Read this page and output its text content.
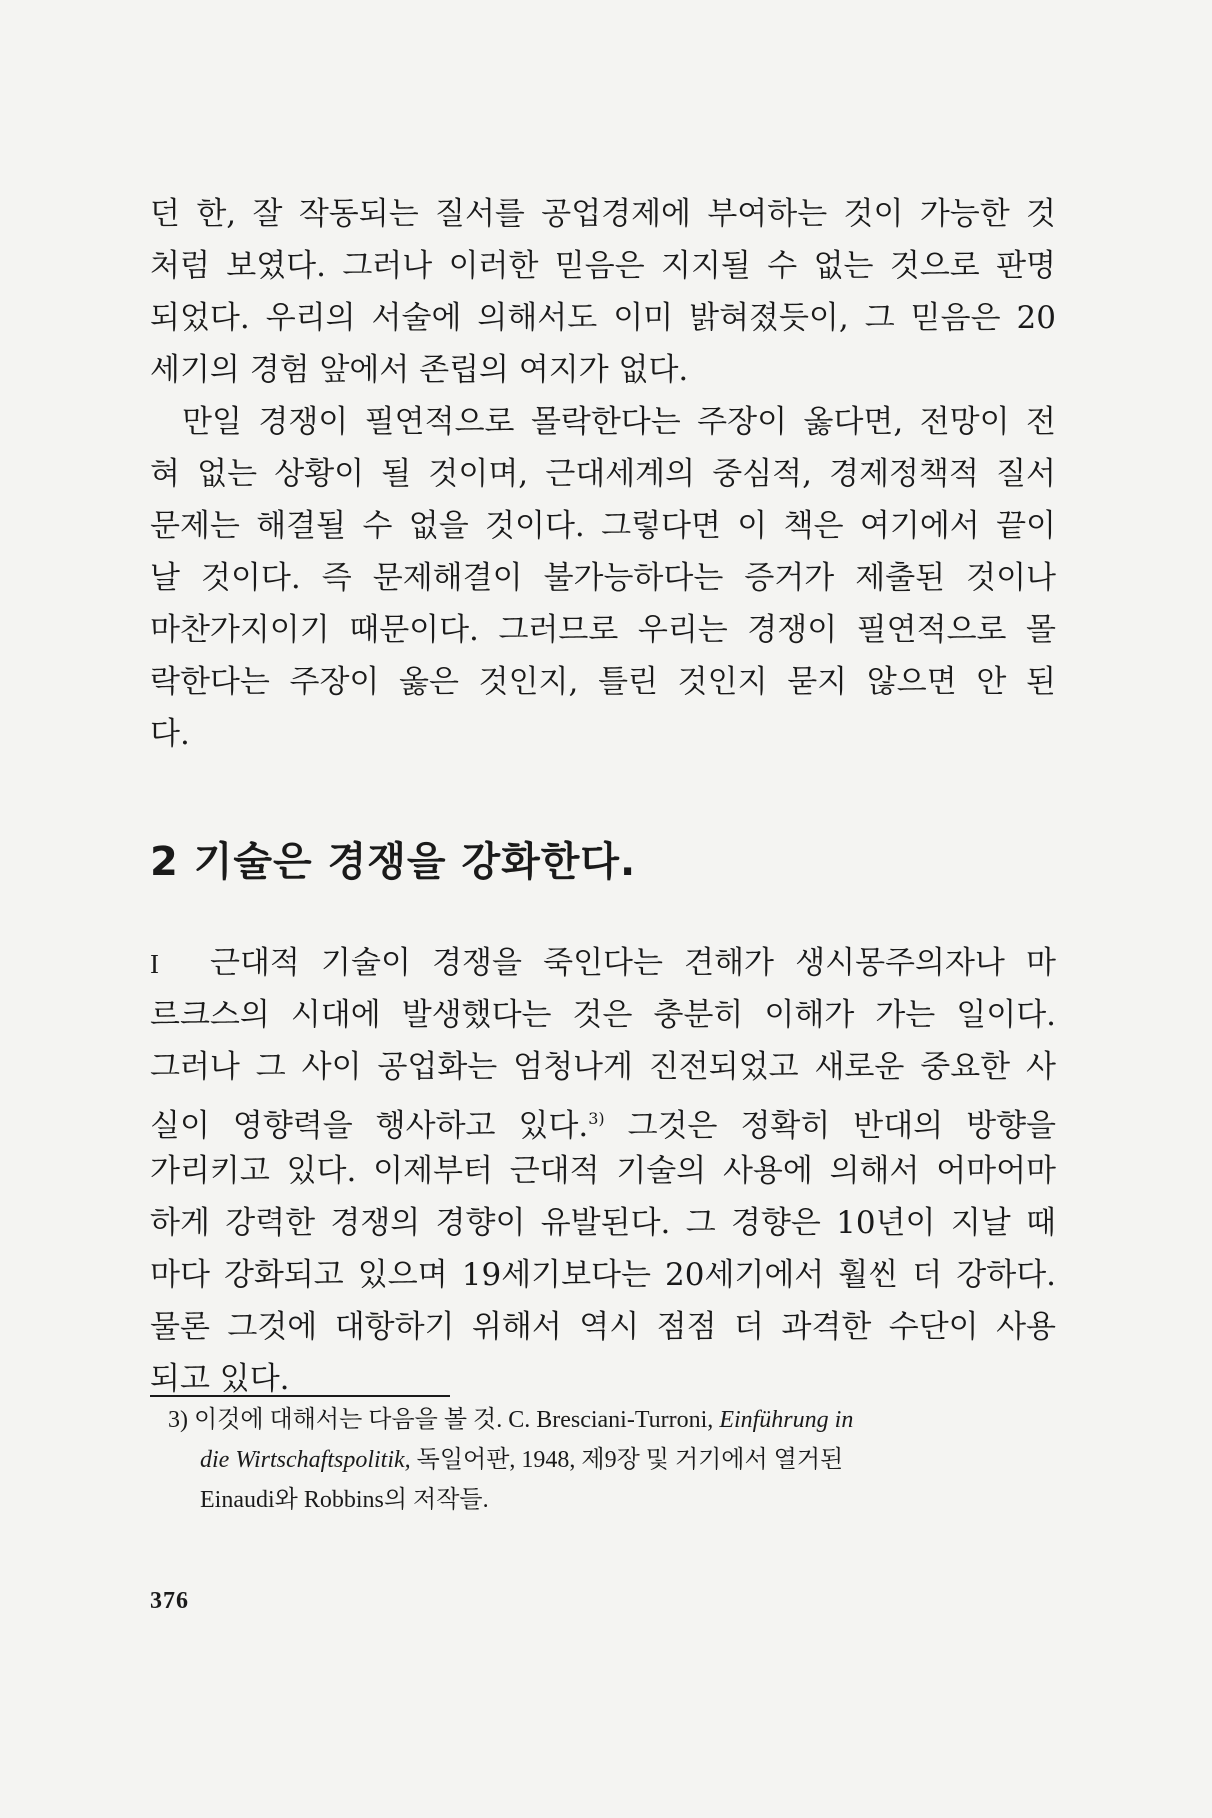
던 한, 잘 작동되는 질서를 공업경제에 부여하는 것이 가능한 것
처럼 보였다. 그러나 이러한 믿음은 지지될 수 없는 것으로 판명
되었다. 우리의 서술에 의해서도 이미 밝혀졌듯이, 그 믿음은 20
세기의 경험 앞에서 존립의 여지가 없다.
만일 경쟁이 필연적으로 몰락한다는 주장이 옳다면, 전망이 전
혀 없는 상황이 될 것이며, 근대세계의 중심적, 경제정책적 질서
문제는 해결될 수 없을 것이다. 그렇다면 이 책은 여기에서 끝이
날 것이다. 즉 문제해결이 불가능하다는 증거가 제출된 것이나
마찬가지이기 때문이다. 그러므로 우리는 경쟁이 필연적으로 몰
락한다는 주장이 옳은 것인지, 틀린 것인지 묻지 않으면 안 된
다.
2 기술은 경쟁을 강화한다.
I 근대적 기술이 경쟁을 죽인다는 견해가 생시몽주의자나 마
르크스의 시대에 발생했다는 것은 충분히 이해가 가는 일이다.
그러나 그 사이 공업화는 엄청나게 진전되었고 새로운 중요한 사
실이 영향력을 행사하고 있다.$^{3)}$ 그것은 정확히 반대의 방향을
가리키고 있다. 이제부터 근대적 기술의 사용에 의해서 어마어마
하게 강력한 경쟁의 경향이 유발된다. 그 경향은 10년이 지날 때
마다 강화되고 있으며 19세기보다는 20세기에서 훨씬 더 강하다.
물론 그것에 대항하기 위해서 역시 점점 더 과격한 수단이 사용
되고 있다.
3) 이것에 대해서는 다음을 볼 것. C. Bresciani-Turroni, Einführung in
die Wirtschaftspolitik, 독일어판, 1948, 제9장 및 거기에서 열거된
Einaudi와 Robbins의 저작들.
376
